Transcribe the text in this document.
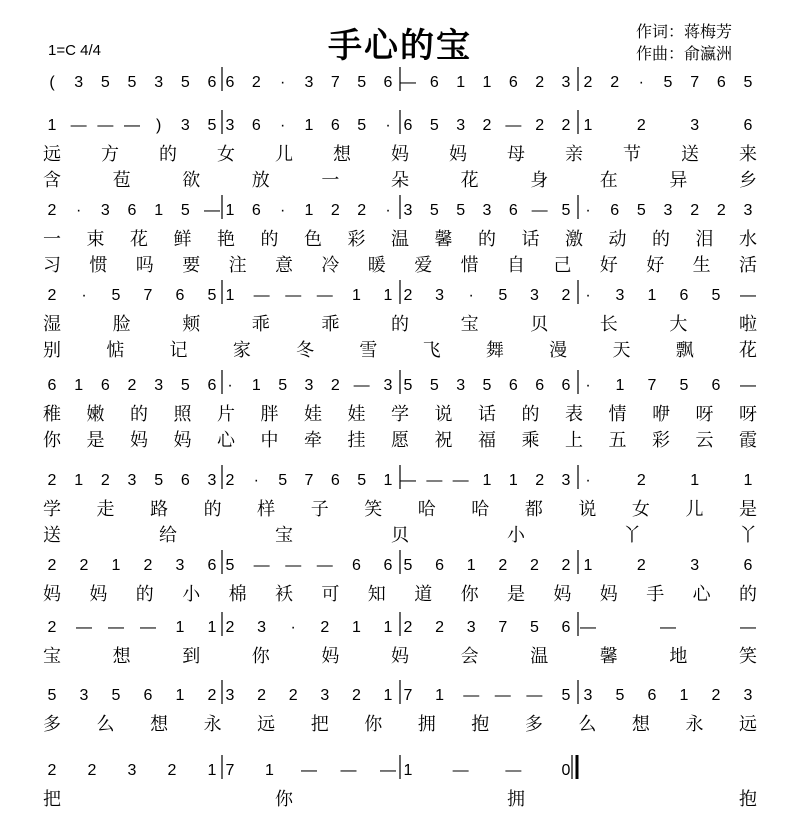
手心的宝
1=C 4/4
作词：蒋梅芳
作曲：俞瀛洲
( 3 5 5 3 5 6 6 2 · 3 7 5 6 — 6 1 1 6 2 3 2 2 · 5 7 6 5
1 — — — ) 3 5 3 6 · 1 6 5 · 6 5 3 2 — 2 2 1	2	3	6
远 方 的 女 儿 想 妈 妈 母 亲 节 送 来
含	苞	欲	放	一	朵	花	身	在	异	乡
2 · 3 6 1 5 — 1 6 · 1 2 2 · 3 5 5 3 6 — 5 · 6 5 3 2 2 3
一 束 花 鲜 艳 的 色 彩 温 馨 的 话 激 动 的 泪 水
习 惯 吗 要 注 意 冷 暖 爱 惜 自 己 好 好 生 活
2 · 5 7 6 5 1 — — — 1 1 2 3 · 5 3 2 · 3 1 6 5 —
湿	脸	颊	乖	乖	的	宝	贝	长	大	啦
别	惦	记	家	冬	雪	飞	舞	漫	天	飘	花
6 1 6 2 3 5 6 · 1 5 3 2 — 3 5 5 3 5 6 6 6 · 1 7 5 6 —
稚 嫩 的 照 片 胖 娃 娃 学 说 话 的 表 情 咿 呀 呀
你 是 妈 妈 心 中 牵 挂 愿 祝 福 乘 上 五 彩 云 霞
2 1 2 3 5 6 3 2 · 5 7 6 5 1 — — — 1 1 2 3 ·	2	1	1
学 走 路 的 样 子 笑 哈 哈 都 说 女 儿 是
送	给	宝	贝	小	丫	丫
2 2 1 2 3 6 5 — — — 6 6 5 6 1 2 2 2 1	2	3	6
妈 妈 的 小 棉 袄 可 知 道 你 是 妈 妈 手 心 的
2 — — — 1 1 2 3 · 2 1 1 2 2 3 7 5 6 —	—	—
宝	想	到	你	妈	妈	会	温	馨	地	笑
5 3 5 6 1 2 3 2 2 3 2 1 7 1 — — — 5 3 5 6 1 2 3
多 么 想 永 远 把 你 拥 抱 多 么 想 永 远
2 2 3 2 1 7 1 — — — 1	— —	0
把	你	拥	抱
